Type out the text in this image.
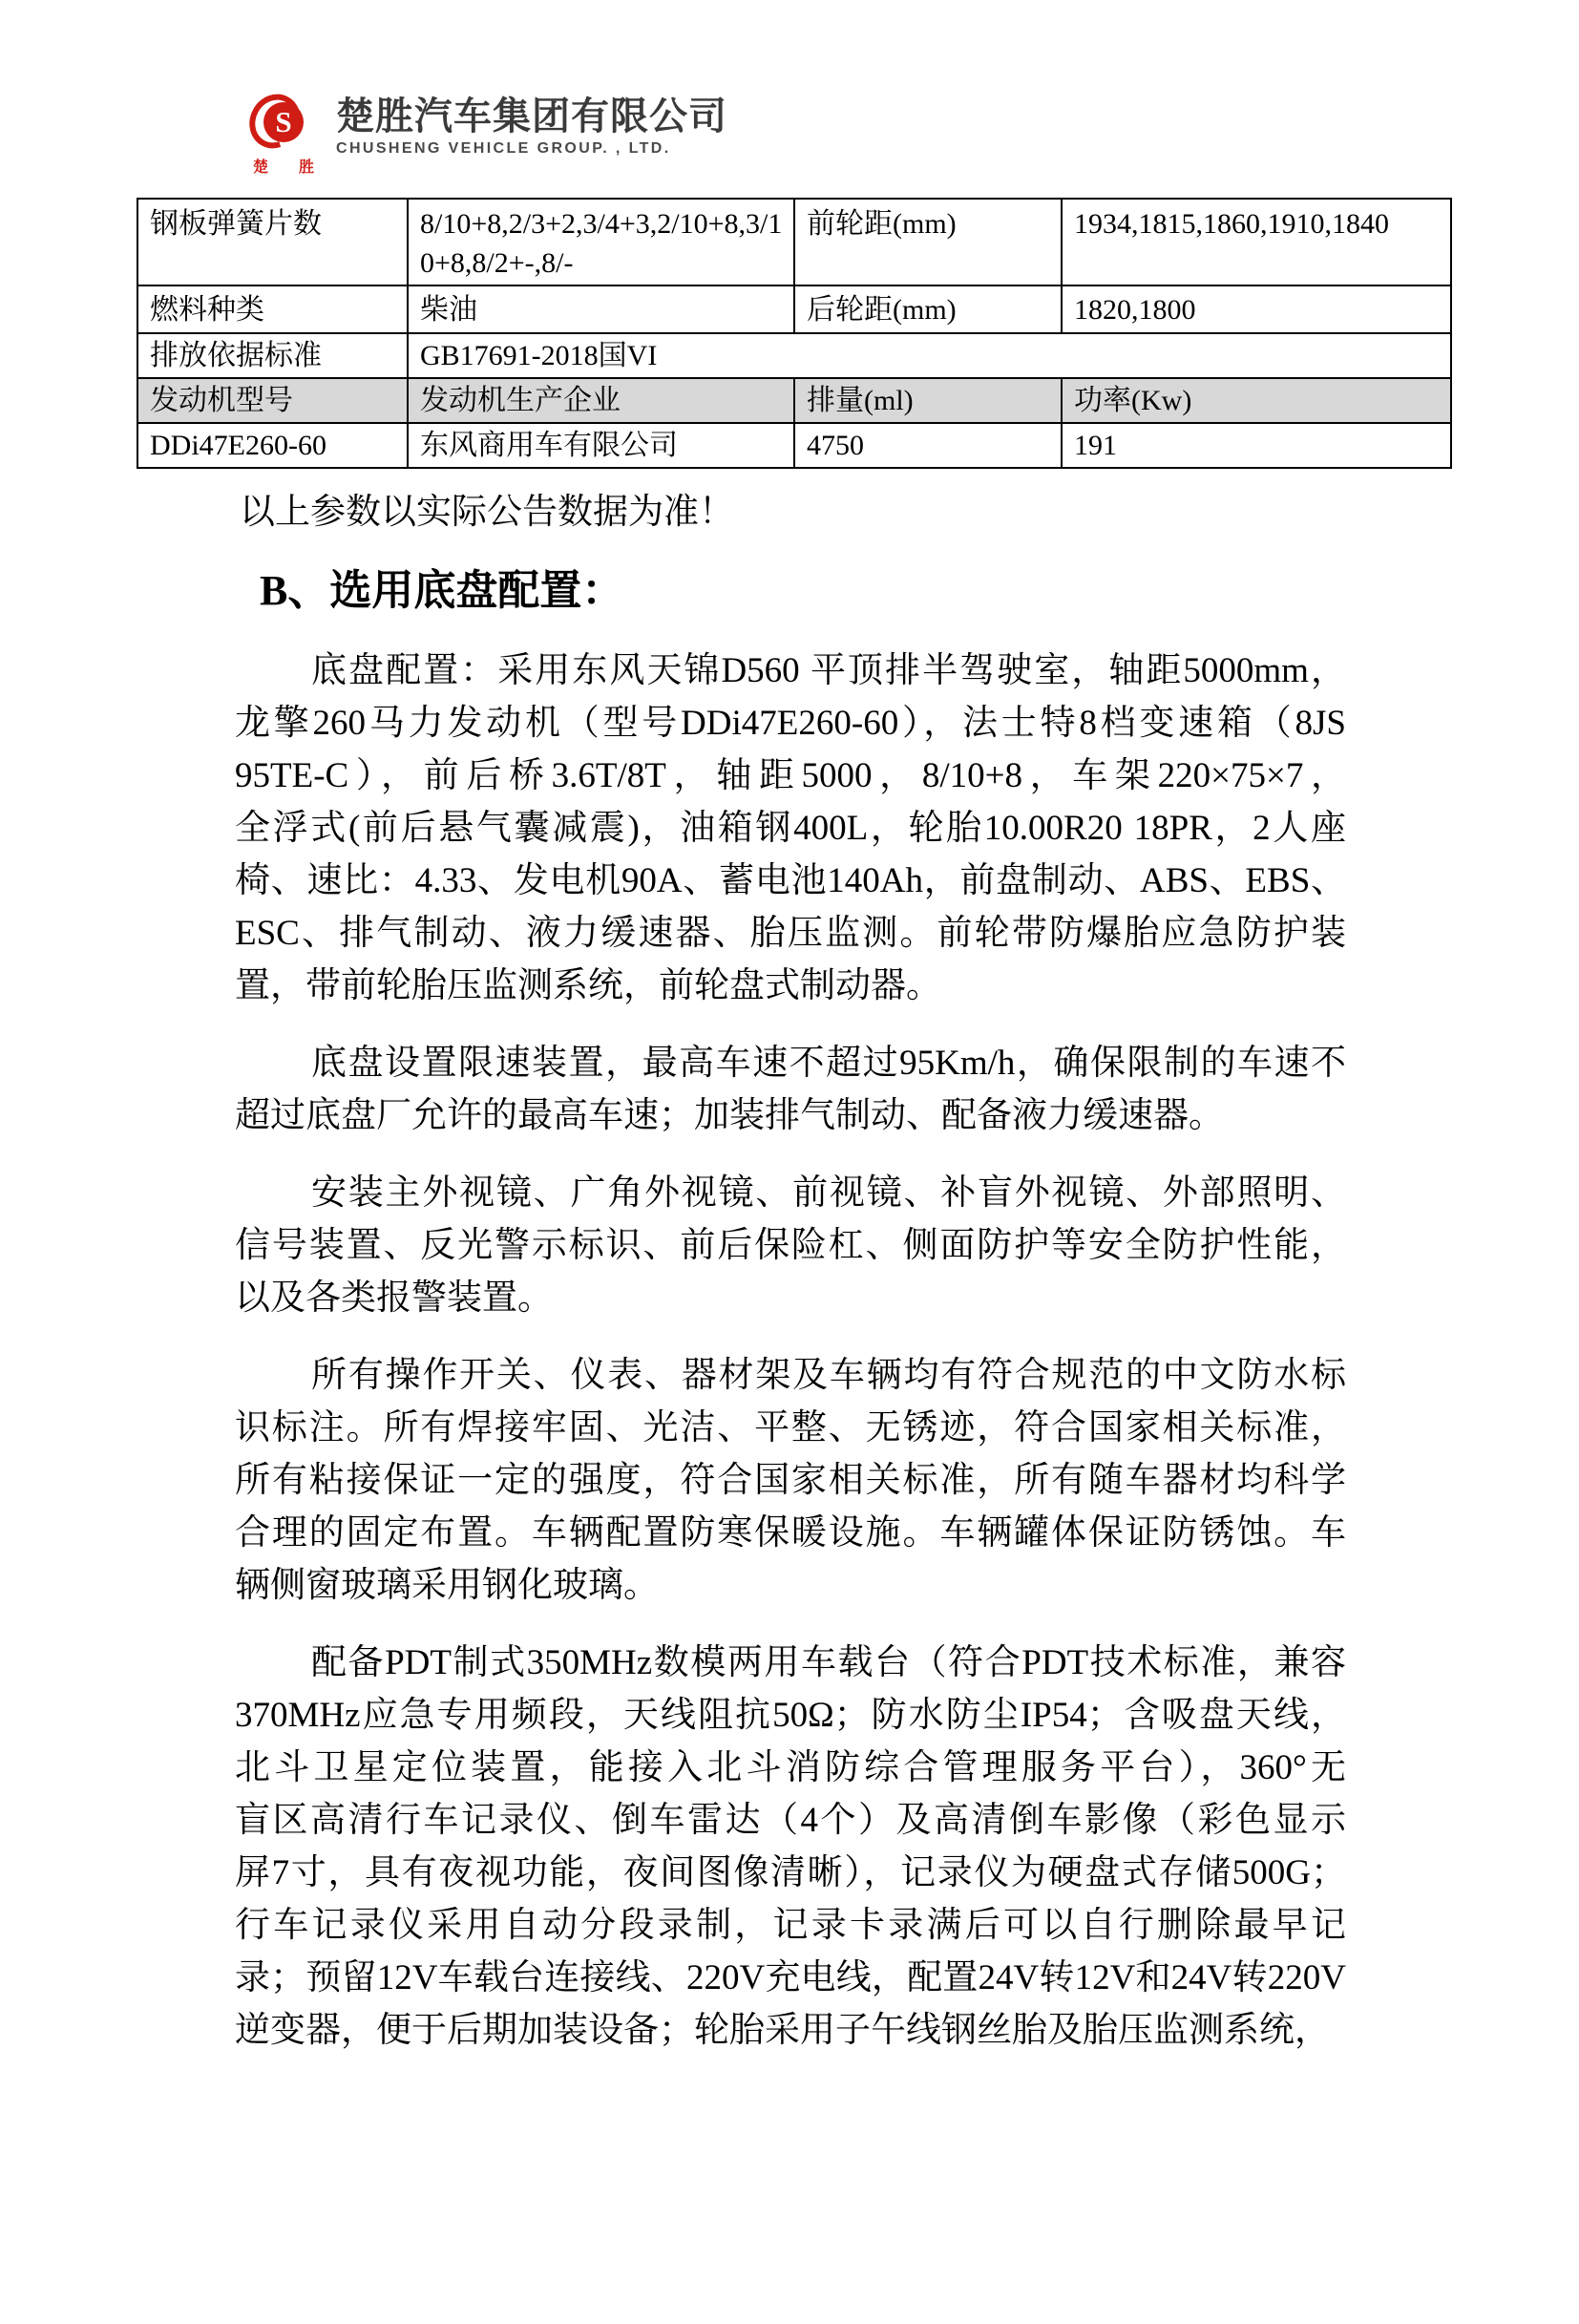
S
楚 胜
楚胜汽车集团有限公司
CHUSHENG VEHICLE GROUP. , LTD.
钢板弹簧片数	8/10+8,2/3+2,3/4+3,2/10+8,3/10+8,8/2+-,8/-	前轮距(mm)	1934,1815,1860,1910,1840
燃料种类	柴油	后轮距(mm)	1820,1800
排放依据标准	GB17691-2018国VI		
发动机型号	发动机生产企业	排量(ml)	功率(Kw)
DDi47E260-60	东风商用车有限公司	4750	191
以上参数以实际公告数据为准！
B、选用底盘配置：
底盘配置：采用东风天锦D560 平顶排半驾驶室，轴距5000mm，
龙擎260马力发动机（型号DDi47E260-60），法士特8档变速箱（8JS
95TE-C），前后桥3.6T/8T，轴距5000，8/10+8，车架220×75×7，
全浮式(前后悬气囊减震)，油箱钢400L，轮胎10.00R20 18PR，2人座
椅、速比：4.33、发电机90A、蓄电池140Ah，前盘制动、ABS、EBS、
ESC、排气制动、液力缓速器、胎压监测。前轮带防爆胎应急防护装
置，带前轮胎压监测系统，前轮盘式制动器。
底盘设置限速装置，最高车速不超过95Km/h，确保限制的车速不
超过底盘厂允许的最高车速；加装排气制动、配备液力缓速器。
安装主外视镜、广角外视镜、前视镜、补盲外视镜、外部照明、
信号装置、反光警示标识、前后保险杠、侧面防护等安全防护性能，
以及各类报警装置。
所有操作开关、仪表、器材架及车辆均有符合规范的中文防水标
识标注。所有焊接牢固、光洁、平整、无锈迹，符合国家相关标准，
所有粘接保证一定的强度，符合国家相关标准，所有随车器材均科学
合理的固定布置。车辆配置防寒保暖设施。车辆罐体保证防锈蚀。车
辆侧窗玻璃采用钢化玻璃。
配备PDT制式350MHz数模两用车载台（符合PDT技术标准，兼容
370MHz应急专用频段，天线阻抗50Ω；防水防尘IP54；含吸盘天线，
北斗卫星定位装置，能接入北斗消防综合管理服务平台），360°无
盲区高清行车记录仪、倒车雷达（4个）及高清倒车影像（彩色显示
屏7寸，具有夜视功能，夜间图像清晰），记录仪为硬盘式存储500G；
行车记录仪采用自动分段录制，记录卡录满后可以自行删除最早记
录；预留12V车载台连接线、220V充电线，配置24V转12V和24V转220V
逆变器，便于后期加装设备；轮胎采用子午线钢丝胎及胎压监测系统，
